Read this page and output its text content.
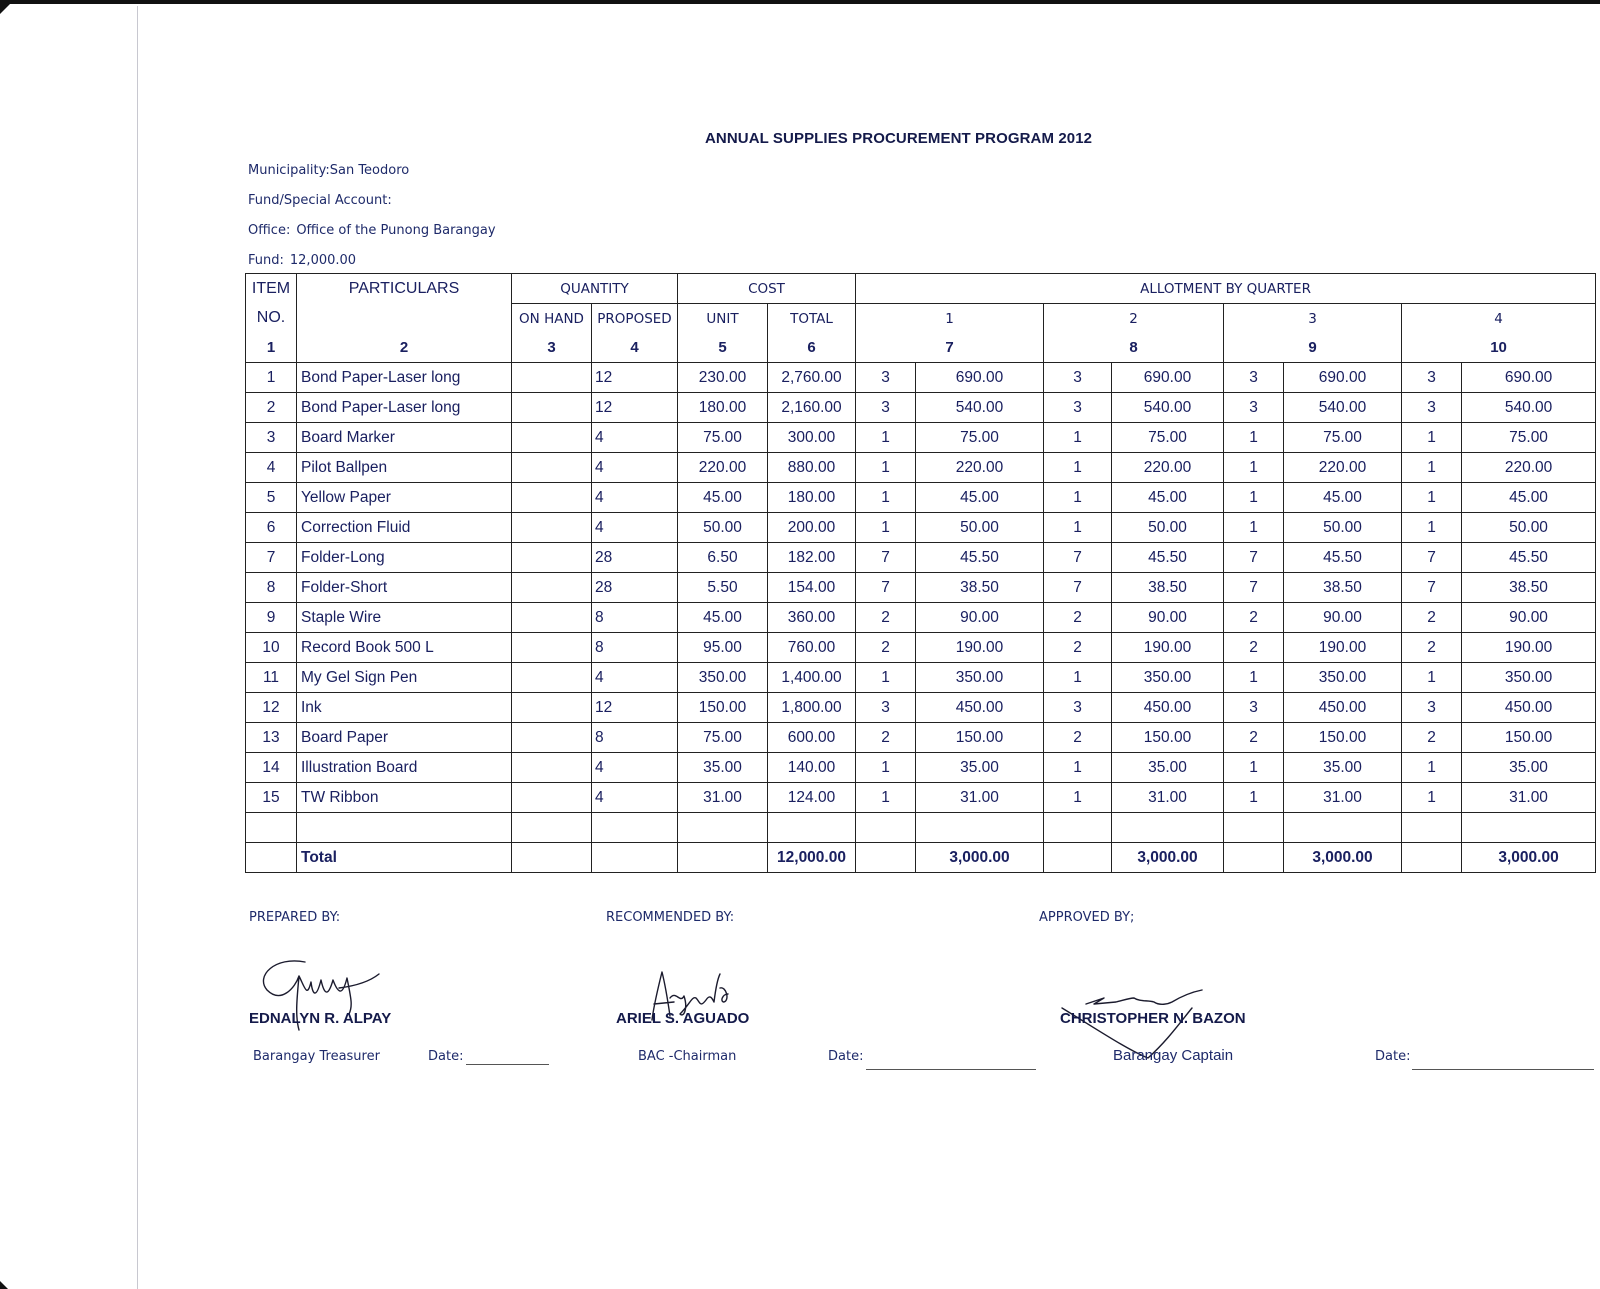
ANNUAL SUPPLIES PROCUREMENT PROGRAM 2012
Municipality:San Teodoro
Fund/Special Account:
Office: Office of the Punong Barangay
Fund: 12,000.00
ITEM	PARTICULARS	QUANTITY		COST		ALLOTMENT BY QUARTER							
NO.		ON HAND	PROPOSED	UNIT	TOTAL	1		2		3		4	
1	2	3	4	5	6	7		8		9		10	
1	Bond Paper-Laser long		12	230.00	2,760.00	3	690.00	3	690.00	3	690.00	3	690.00
2	Bond Paper-Laser long		12	180.00	2,160.00	3	540.00	3	540.00	3	540.00	3	540.00
3	Board Marker		4	75.00	300.00	1	75.00	1	75.00	1	75.00	1	75.00
4	Pilot Ballpen		4	220.00	880.00	1	220.00	1	220.00	1	220.00	1	220.00
5	Yellow Paper		4	45.00	180.00	1	45.00	1	45.00	1	45.00	1	45.00
6	Correction Fluid		4	50.00	200.00	1	50.00	1	50.00	1	50.00	1	50.00
7	Folder-Long		28	6.50	182.00	7	45.50	7	45.50	7	45.50	7	45.50
8	Folder-Short		28	5.50	154.00	7	38.50	7	38.50	7	38.50	7	38.50
9	Staple Wire		8	45.00	360.00	2	90.00	2	90.00	2	90.00	2	90.00
10	Record Book 500 L		8	95.00	760.00	2	190.00	2	190.00	2	190.00	2	190.00
11	My Gel Sign Pen		4	350.00	1,400.00	1	350.00	1	350.00	1	350.00	1	350.00
12	Ink		12	150.00	1,800.00	3	450.00	3	450.00	3	450.00	3	450.00
13	Board Paper		8	75.00	600.00	2	150.00	2	150.00	2	150.00	2	150.00
14	Illustration Board		4	35.00	140.00	1	35.00	1	35.00	1	35.00	1	35.00
15	TW Ribbon		4	31.00	124.00	1	31.00	1	31.00	1	31.00	1	31.00

	Total				12,000.00		3,000.00		3,000.00		3,000.00		3,000.00
PREPARED BY:	RECOMMENDED BY:	APPROVED BY;
EDNALYN R. ALPAY	ARIEL S. AGUADO	CHRISTOPHER N. BAZON
Barangay Treasurer	BAC -Chairman	Barangay Captain
Date:	Date:	Date:
